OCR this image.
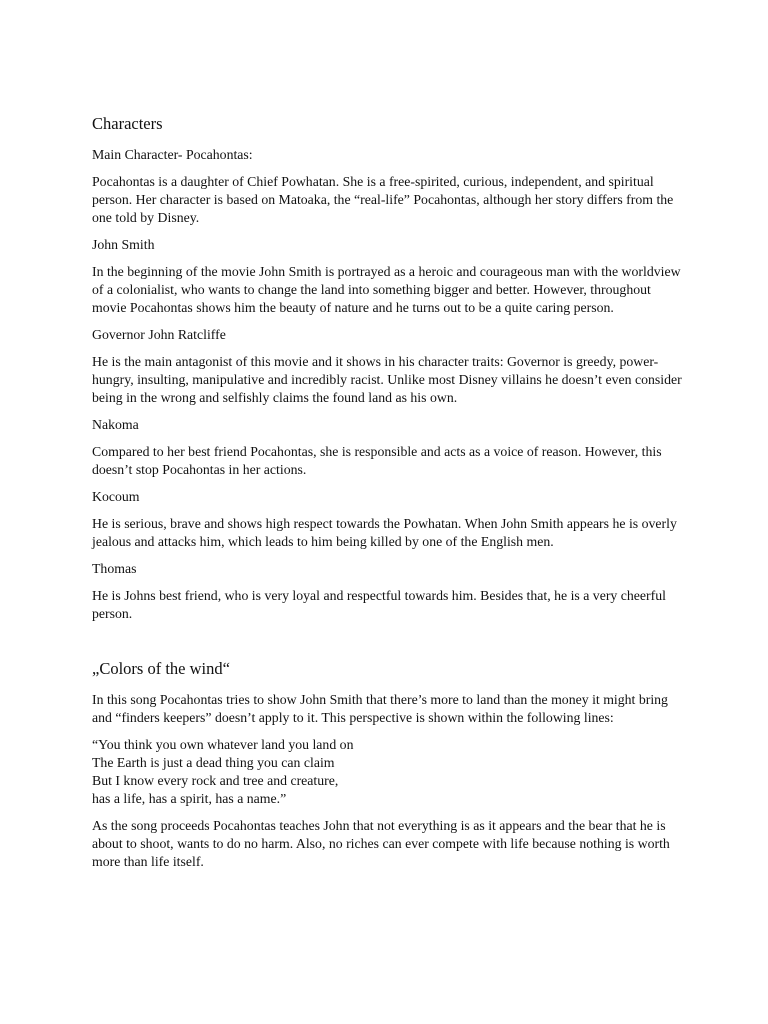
Characters

Main Character- Pocahontas:

Pocahontas is a daughter of Chief Powhatan. She is a free-spirited, curious, independent, and spiritual person. Her character is based on Matoaka, the “real-life” Pocahontas, although her story differs from the one told by Disney.

John Smith

In the beginning of the movie John Smith is portrayed as a heroic and courageous man with the worldview of a colonialist, who wants to change the land into something bigger and better. However, throughout movie Pocahontas shows him the beauty of nature and he turns out to be a quite caring person.

Governor John Ratcliffe

He is the main antagonist of this movie and it shows in his character traits: Governor is greedy, power-hungry, insulting, manipulative and incredibly racist. Unlike most Disney villains he doesn’t even consider being in the wrong and selfishly claims the found land as his own.

Nakoma

Compared to her best friend Pocahontas, she is responsible and acts as a voice of reason. However, this doesn’t stop Pocahontas in her actions.

Kocoum

He is serious, brave and shows high respect towards the Powhatan. When John Smith appears he is overly jealous and attacks him, which leads to him being killed by one of the English men.

Thomas

He is Johns best friend, who is very loyal and respectful towards him. Besides that, he is a very cheerful person.

„Colors of the wind“

In this song Pocahontas tries to show John Smith that there’s more to land than the money it might bring and “finders keepers” doesn’t apply to it. This perspective is shown within the following lines:

“You think you own whatever land you land on
The Earth is just a dead thing you can claim
But I know every rock and tree and creature,
has a life, has a spirit, has a name.”

As the song proceeds Pocahontas teaches John that not everything is as it appears and the bear that he is about to shoot, wants to do no harm. Also, no riches can ever compete with life because nothing is worth more than life itself.
